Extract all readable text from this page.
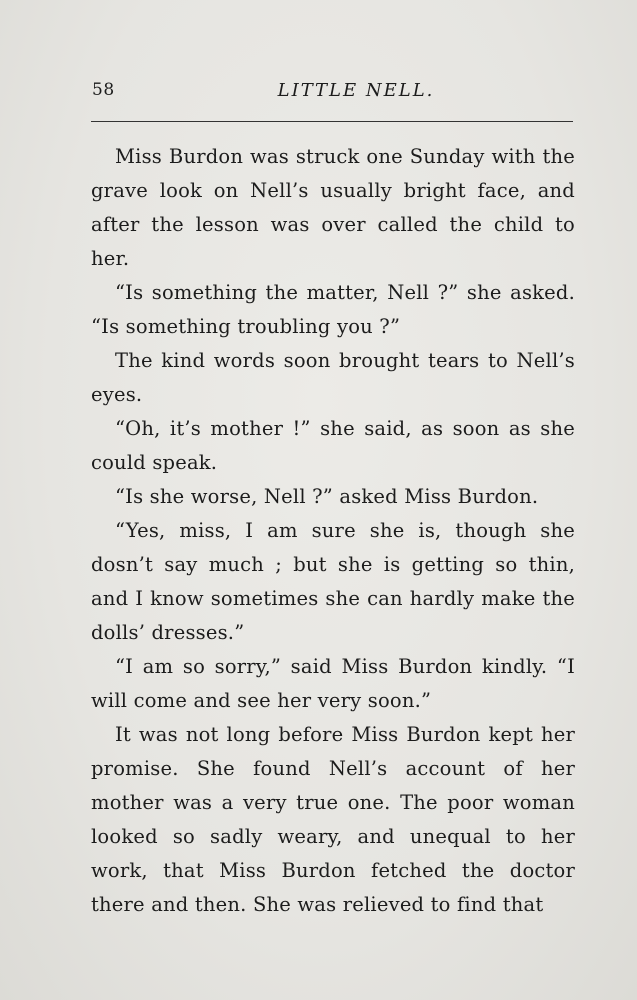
58	LITTLE NELL.

Miss Burdon was struck one Sunday with the grave look on Nell’s usually bright face, and after the lesson was over called the child to her.

“Is something the matter, Nell ?” she asked. “Is something troubling you ?”

The kind words soon brought tears to Nell’s eyes.

“Oh, it’s mother !” she said, as soon as she could speak.

“Is she worse, Nell ?” asked Miss Burdon.

“Yes, miss, I am sure she is, though she dosn’t say much ; but she is getting so thin, and I know sometimes she can hardly make the dolls’ dresses.”

“I am so sorry,” said Miss Burdon kindly. “I will come and see her very soon.”

It was not long before Miss Burdon kept her promise. She found Nell’s account of her mother was a very true one. The poor woman looked so sadly weary, and unequal to her work, that Miss Burdon fetched the doctor there and then. She was relieved to find that
